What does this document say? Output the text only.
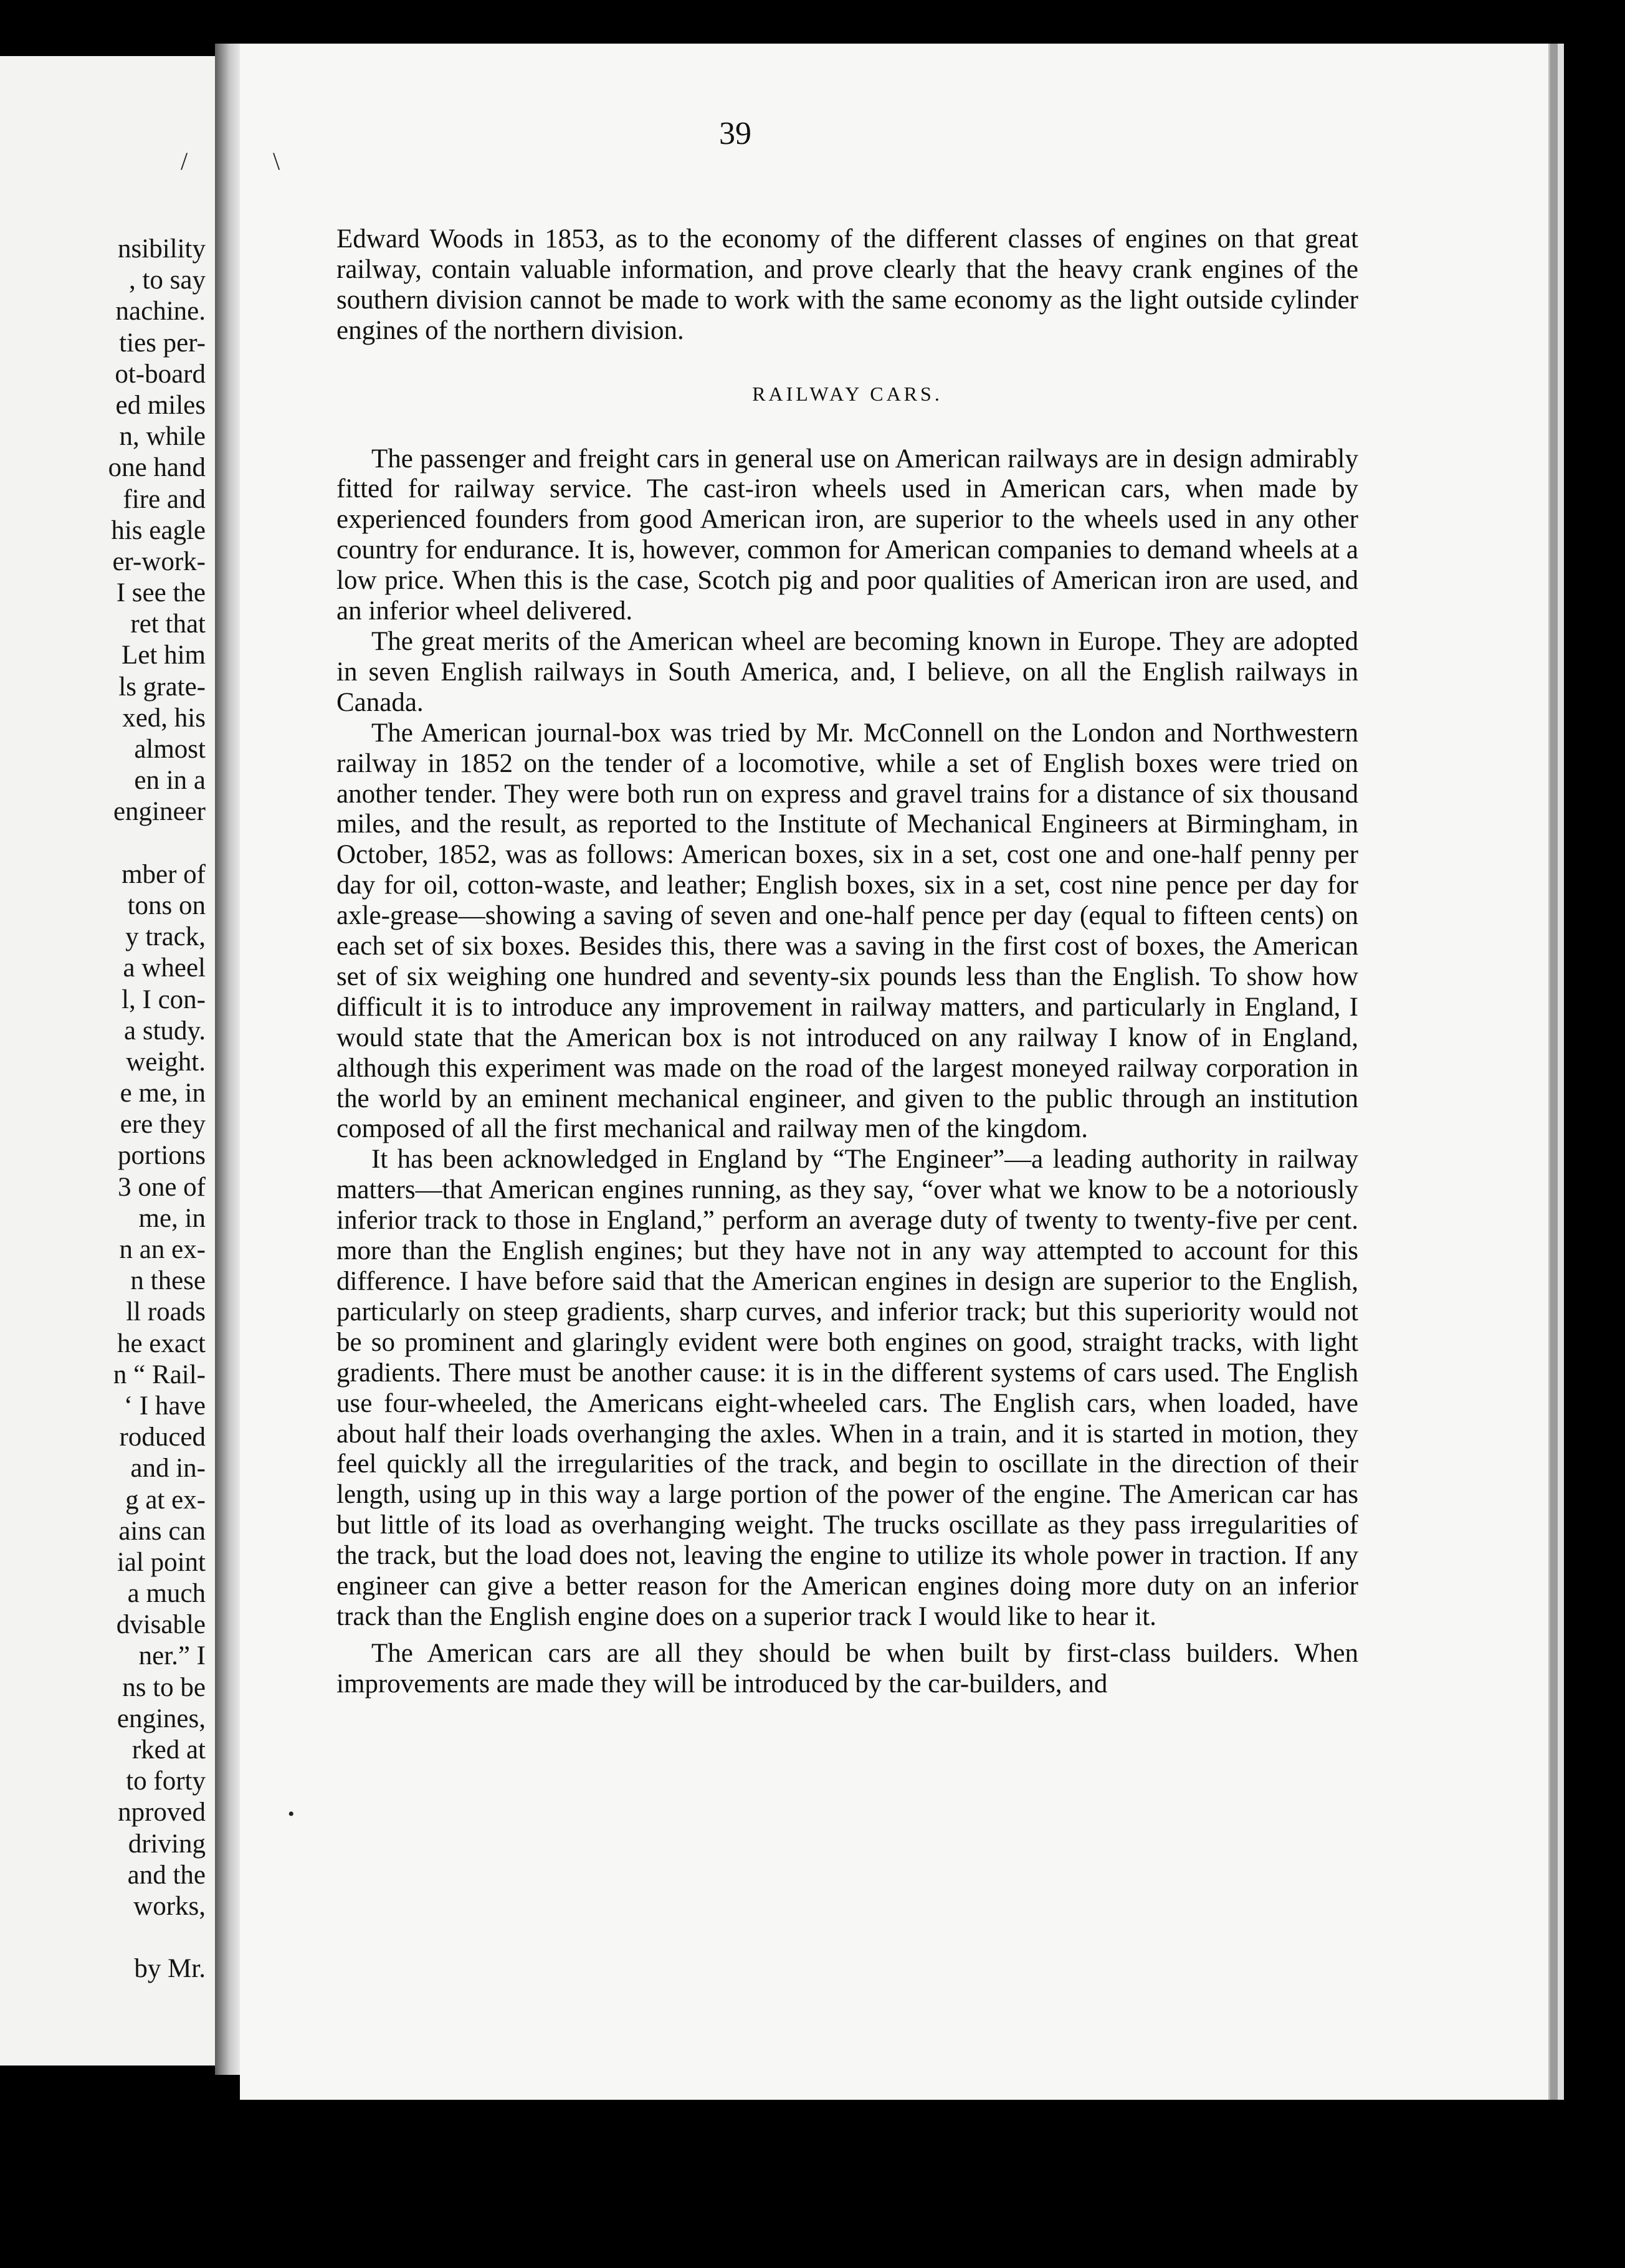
nsibility
, to say
nachine.
ties per-
ot-board
ed miles
n, while
one hand
fire and
his eagle
er-work-
I see the
ret that
Let him
ls grate-
xed, his
almost
en in a
engineer
mber of
tons on
y track,
a wheel
l, I con-
a study.
weight.
e me, in
ere they
portions
3 one of
me, in
n an ex-
n these
ll roads
he exact
n “ Rail-
‘ I have
roduced
and in-
g at ex-
ains can
ial point
a much
dvisable
ner.” I
ns to be
engines,
rked at
to forty
nproved
driving
and the
works,
by Mr.
/	\
•
39

Edward Woods in 1853, as to the economy of the different classes of engines on that great railway, contain valuable information, and prove clearly that the heavy crank engines of the southern division cannot be made to work with the same economy as the light outside cylinder engines of the northern division.

RAILWAY CARS.

The passenger and freight cars in general use on American railways are in design admirably fitted for railway service. The cast-iron wheels used in American cars, when made by experienced founders from good American iron, are superior to the wheels used in any other country for endurance. It is, however, common for American companies to demand wheels at a low price. When this is the case, Scotch pig and poor qualities of American iron are used, and an inferior wheel delivered.

The great merits of the American wheel are becoming known in Europe. They are adopted in seven English railways in South America, and, I believe, on all the English railways in Canada.

The American journal-box was tried by Mr. McConnell on the London and Northwestern railway in 1852 on the tender of a locomotive, while a set of English boxes were tried on another tender. They were both run on express and gravel trains for a distance of six thousand miles, and the result, as reported to the Institute of Mechanical Engineers at Birmingham, in October, 1852, was as follows: American boxes, six in a set, cost one and one-half penny per day for oil, cotton-waste, and leather; English boxes, six in a set, cost nine pence per day for axle-grease—showing a saving of seven and one-half pence per day (equal to fifteen cents) on each set of six boxes. Besides this, there was a saving in the first cost of boxes, the American set of six weighing one hundred and seventy-six pounds less than the English. To show how difficult it is to introduce any improvement in railway matters, and particularly in England, I would state that the American box is not introduced on any railway I know of in England, although this experiment was made on the road of the largest moneyed railway corporation in the world by an eminent mechanical engineer, and given to the public through an institution composed of all the first mechanical and railway men of the kingdom.

It has been acknowledged in England by “The Engineer”—a leading authority in railway matters—that American engines running, as they say, “over what we know to be a notoriously inferior track to those in England,” perform an average duty of twenty to twenty-five per cent. more than the English engines; but they have not in any way attempted to account for this difference. I have before said that the American engines in design are superior to the English, particularly on steep gradients, sharp curves, and inferior track; but this superiority would not be so prominent and glaringly evident were both engines on good, straight tracks, with light gradients. There must be another cause: it is in the different systems of cars used. The English use four-wheeled, the Americans eight-wheeled cars. The English cars, when loaded, have about half their loads overhanging the axles. When in a train, and it is started in motion, they feel quickly all the irregularities of the track, and begin to oscillate in the direction of their length, using up in this way a large portion of the power of the engine. The American car has but little of its load as overhanging weight. The trucks oscillate as they pass irregularities of the track, but the load does not, leaving the engine to utilize its whole power in traction. If any engineer can give a better reason for the American engines doing more duty on an inferior track than the English engine does on a superior track I would like to hear it.

The American cars are all they should be when built by first-class builders. When improvements are made they will be introduced by the car-builders, and
